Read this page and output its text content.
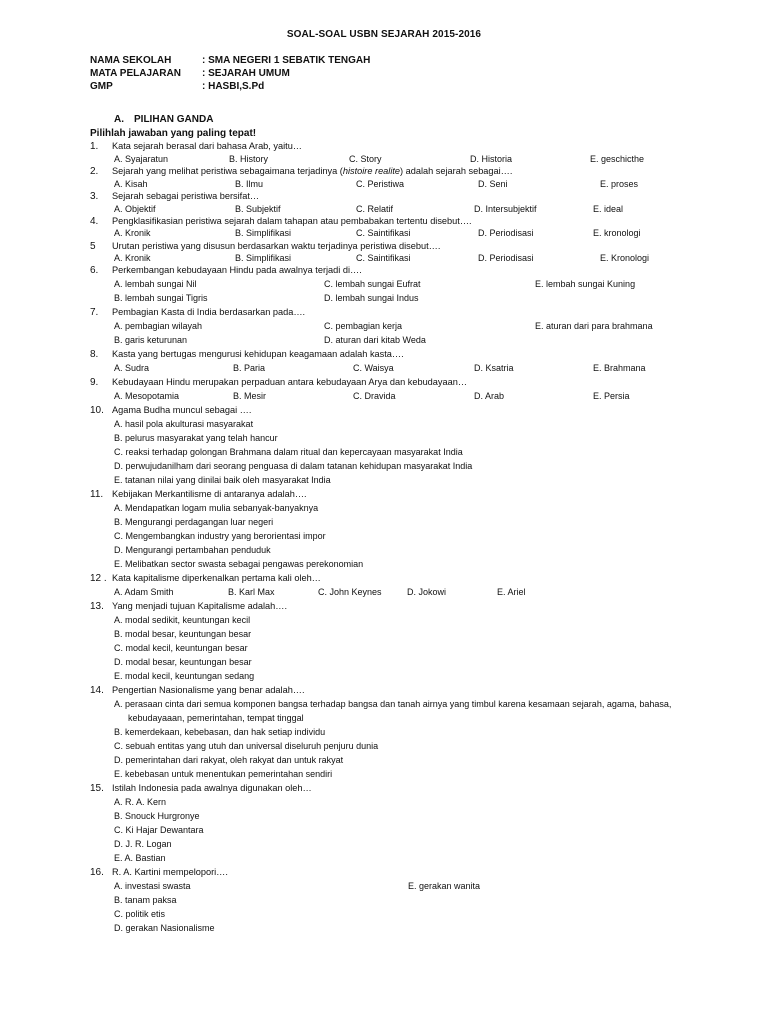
SOAL-SOAL USBN SEJARAH 2015-2016
NAMA SEKOLAH	: SMA NEGERI 1 SEBATIK TENGAH
MATA PELAJARAN : SEJARAH UMUM
GMP	: HASBI,S.Pd
A. PILIHAN GANDA
Pilihlah jawaban yang paling tepat!
1. Kata sejarah berasal dari bahasa Arab, yaitu…
A. Syajaratun	B. History	C. Story	D. Historia	E. geschicthe
2. Sejarah yang melihat peristiwa sebagaimana terjadinya (histoire realite) adalah sejarah sebagai….
A. Kisah	B. Ilmu	C. Peristiwa	D. Seni	E. proses
3. Sejarah sebagai peristiwa bersifat…
A. Objektif	B. Subjektif	C. Relatif	D. Intersubjektif	E. ideal
4. Pengklasifikasian peristiwa sejarah dalam tahapan atau pembabakan tertentu disebut….
A. Kronik	B. Simplifikasi	C. Saintifikasi	D. Periodisasi	E. kronologi
5 Urutan peristiwa yang disusun berdasarkan waktu terjadinya peristiwa disebut….
A. Kronik	B. Simplifikasi	C. Saintifikasi	D. Periodisasi	E. Kronologi
6. Perkembangan kebudayaan Hindu pada awalnya terjadi di….
A. lembah sungai Nil	C. lembah sungai Eufrat	E. lembah sungai Kuning
B. lembah sungai Tigris	D. lembah sungai Indus
7. Pembagian Kasta di India berdasarkan pada….
A. pembagian wilayah	C. pembagian kerja	E. aturan dari para brahmana
B. garis keturunan	D. aturan dari kitab Weda
8. Kasta yang bertugas mengurusi kehidupan keagamaan adalah kasta….
A. Sudra	B. Paria	C. Waisya	D. Ksatria	E. Brahmana
9. Kebudayaan Hindu merupakan perpaduan antara kebudayaan Arya dan kebudayaan…
A. Mesopotamia	B. Mesir	C. Dravida	D. Arab	E. Persia
10. Agama Budha muncul sebagai ….
A. hasil pola akulturasi masyarakat
B. pelurus masyarakat yang telah hancur
C. reaksi terhadap golongan Brahmana dalam ritual dan kepercayaan masyarakat India
D. perwujudanilham dari seorang penguasa di dalam tatanan kehidupan masyarakat India
E. tatanan nilai yang dinilai baik oleh masyarakat India
11. Kebijakan Merkantilisme di antaranya adalah….
A. Mendapatkan logam mulia sebanyak-banyaknya
B. Mengurangi perdagangan luar negeri
C. Mengembangkan industry yang berorientasi impor
D. Mengurangi pertambahan penduduk
E. Melibatkan sector swasta sebagai pengawas perekonomian
12 . Kata kapitalisme diperkenalkan pertama kali oleh…
A. Adam Smith	B. Karl Max	C. John Keynes	D. Jokowi	E. Ariel
13. Yang menjadi tujuan Kapitalisme adalah….
A. modal sedikit, keuntungan kecil
B. modal besar, keuntungan besar
C. modal kecil, keuntungan besar
D. modal besar, keuntungan besar
E. modal kecil, keuntungan sedang
14. Pengertian Nasionalisme yang benar adalah….
A. perasaan cinta dari semua komponen bangsa terhadap bangsa dan tanah airnya yang timbul karena kesamaan sejarah, agama, bahasa,
kebudayaaan, pemerintahan, tempat tinggal
B. kemerdekaan, kebebasan, dan hak setiap individu
C. sebuah entitas yang utuh dan universal diseluruh penjuru dunia
D. pemerintahan dari rakyat, oleh rakyat dan untuk rakyat
E. kebebasan untuk menentukan pemerintahan sendiri
15. Istilah Indonesia pada awalnya digunakan oleh…
A. R. A. Kern
B. Snouck Hurgronye
C. Ki Hajar Dewantara
D. J. R. Logan
E. A. Bastian
16. R. A. Kartini mempelopori….
A. investasi swasta	E. gerakan wanita
B. tanam paksa
C. politik etis
D. gerakan Nasionalisme
